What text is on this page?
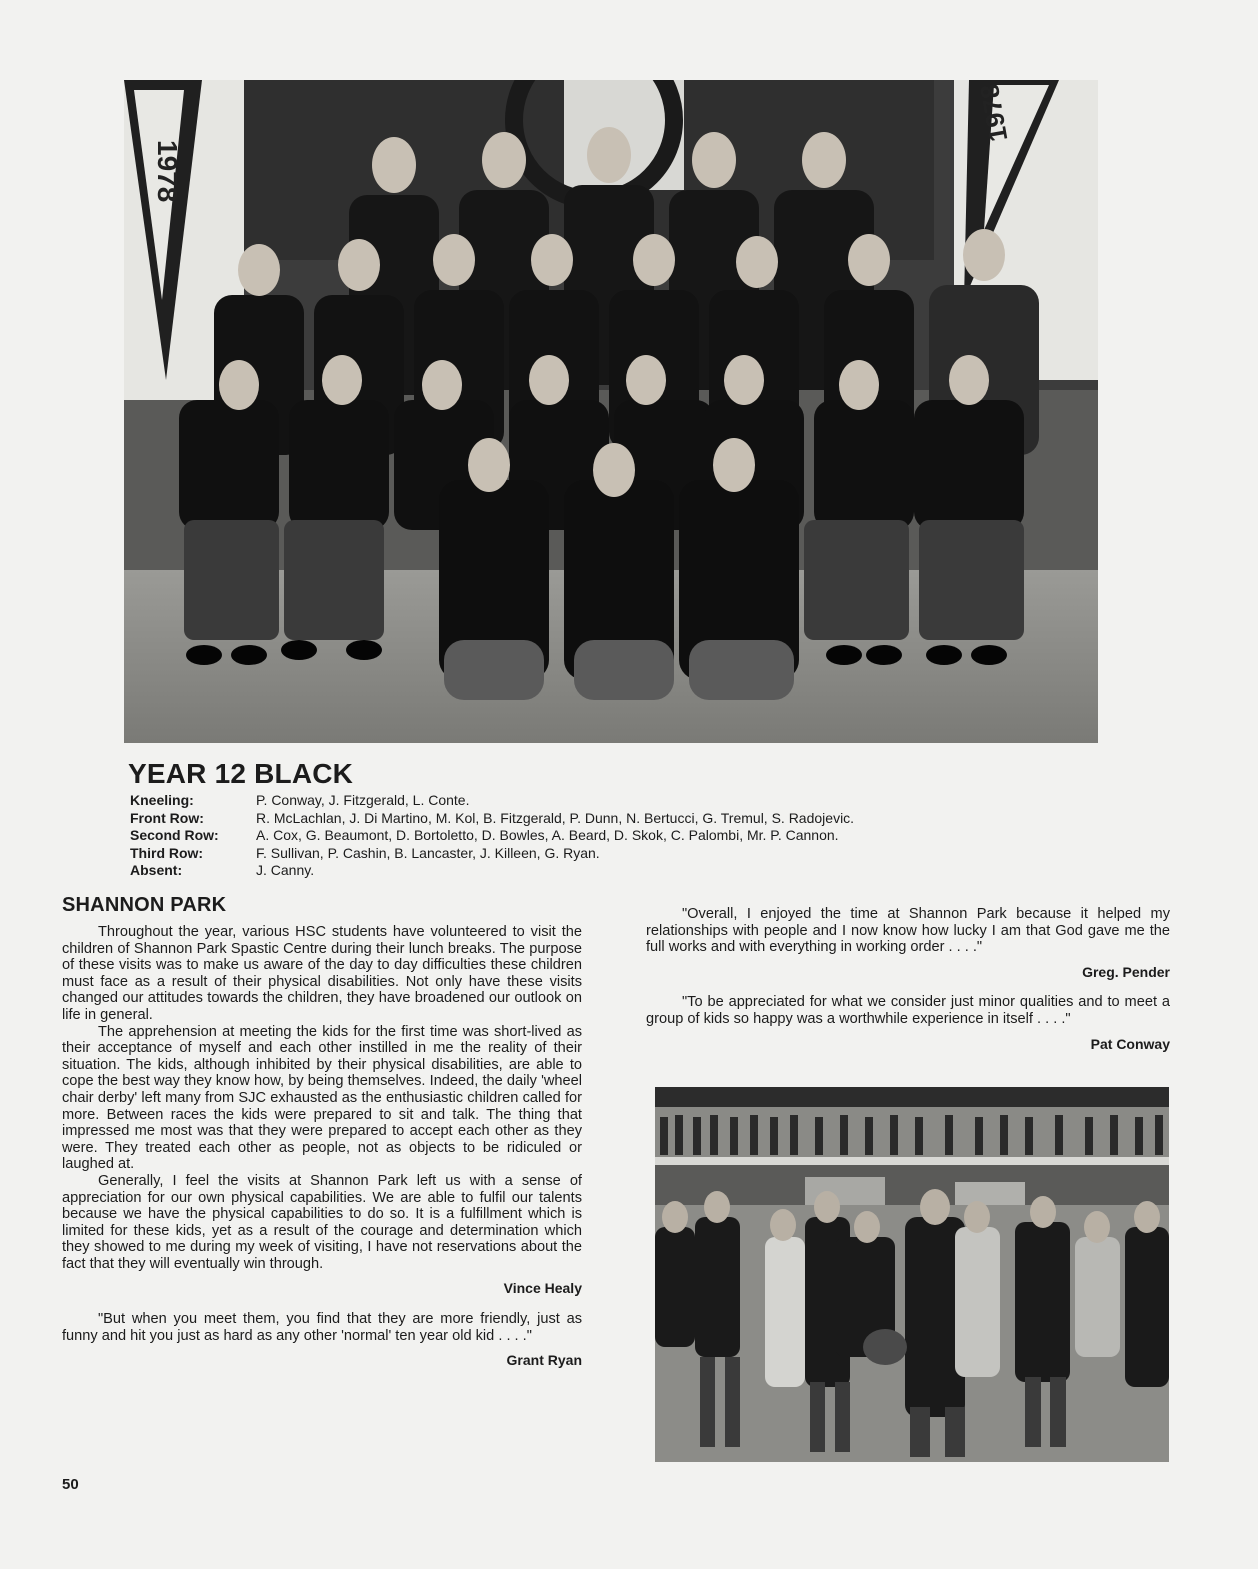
1978
1978
YEAR 12 BLACK
Kneeling:	P. Conway, J. Fitzgerald, L. Conte.
Front Row:	R. McLachlan, J. Di Martino, M. Kol, B. Fitzgerald, P. Dunn, N. Bertucci, G. Tremul, S. Radojevic.
Second Row:	A. Cox, G. Beaumont, D. Bortoletto, D. Bowles, A. Beard, D. Skok, C. Palombi, Mr. P. Cannon.
Third Row:	F. Sullivan, P. Cashin, B. Lancaster, J. Killeen, G. Ryan.
Absent:	J. Canny.
SHANNON PARK

Throughout the year, various HSC students have volunteered to visit the children of Shannon Park Spastic Centre during their lunch breaks. The purpose of these visits was to make us aware of the day to day difficulties these children must face as a result of their physical disabilities. Not only have these visits changed our attitudes towards the children, they have broadened our outlook on life in general.

The apprehension at meeting the kids for the first time was short-lived as their acceptance of myself and each other instilled in me the reality of their situation. The kids, although inhibited by their physical disabilities, are able to cope the best way they know how, by being themselves. Indeed, the daily 'wheel chair derby' left many from SJC exhausted as the enthusiastic children called for more. Between races the kids were prepared to sit and talk. The thing that impressed me most was that they were prepared to accept each other as they were. They treated each other as people, not as objects to be ridiculed or laughed at.

Generally, I feel the visits at Shannon Park left us with a sense of appreciation for our own physical capabilities. We are able to fulfil our talents because we have the physical capabilities to do so. It is a fulfillment which is limited for these kids, yet as a result of the courage and determination which they showed to me during my week of visiting, I have not reservations about the fact that they will eventually win through.

Vince Healy

"But when you meet them, you find that they are more friendly, just as funny and hit you just as hard as any other 'normal' ten year old kid . . . ."

Grant Ryan

"Overall, I enjoyed the time at Shannon Park because it helped my relationships with people and I now know how lucky I am that God gave me the full works and with everything in working order . . . ."

Greg. Pender

"To be appreciated for what we consider just minor qualities and to meet a group of kids so happy was a worthwhile experience in itself . . . ."

Pat Conway
50
